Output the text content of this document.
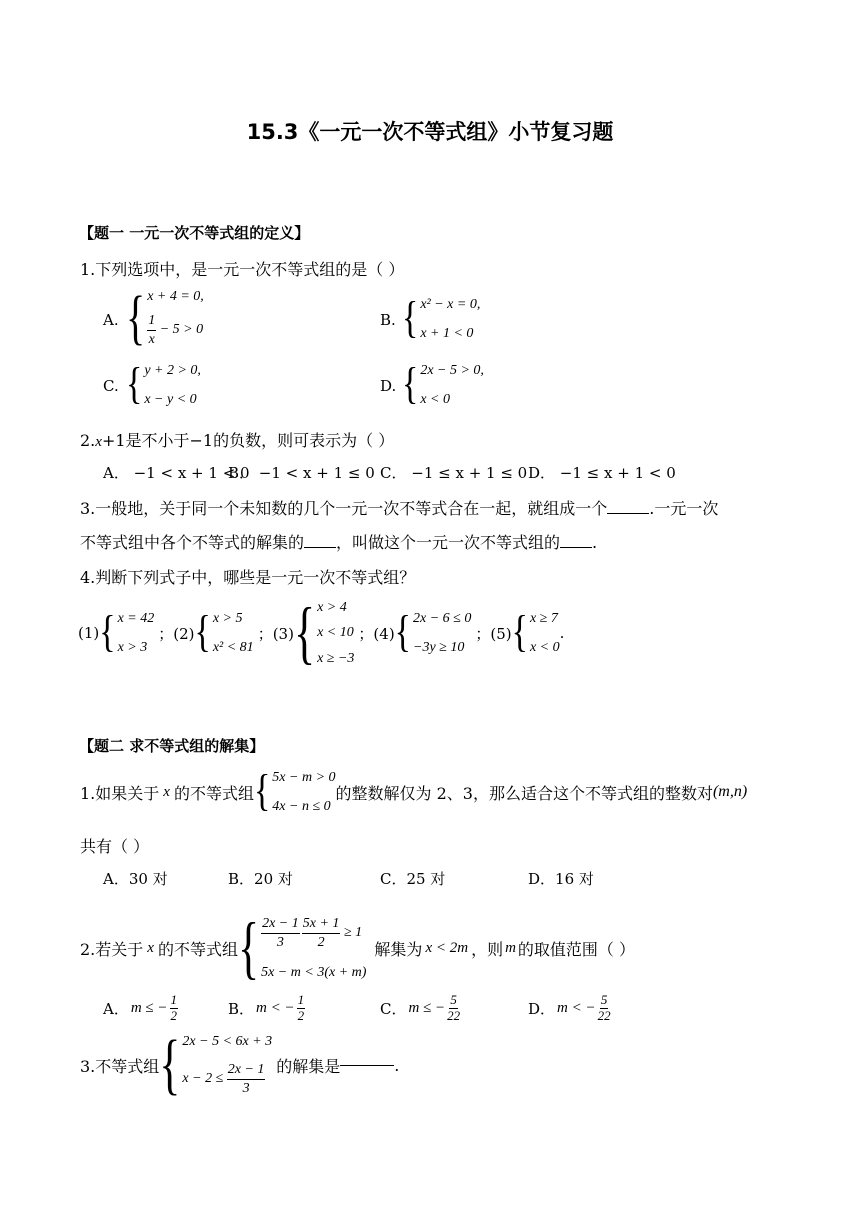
15.3《一元一次不等式组》小节复习题
【题一 一元一次不等式组的定义】
1.下列选项中，是一元一次不等式组的是（ ）
A. { x + 4 = 0,
$\frac{1}{x} - 5 > 0$
B. { x² − x = 0,
x + 1 < 0
C. { y + 2 > 0,
x − y < 0
D. { 2x − 5 > 0,
x < 0
2.x+1是不小于−1的负数，则可表示为（ ）
A． −1 < x + 1 < 0
B． −1 < x + 1 ≤ 0 C． −1 ≤ x + 1 ≤ 0 D． −1 ≤ x + 1 < 0
3.一般地，关于同一个未知数的几个一元一次不等式合在一起，就组成一个	.一元一次
不等式组中各个不等式的解集的 ，叫做这个一元一次不等式组的 .
4.判断下列式子中，哪些是一元一次不等式组？
(1) { x = 42
x > 3
；(2) { x > 5
x² < 81
；(3) { x > 4
x < 10
x ≥ −3
；(4) { 2x − 6 ≤ 0
−3y ≥ 10
；(5) { x ≥ 7
x < 0
.
【题二 求不等式组的解集】
1.如果关于 x 的不等式组 { 5x − m > 0
4x − n ≤ 0
的整数解仅为 2、3，那么适合这个不等式组的整数对 (m,n)
共有（ ）
A．30 对	B．20 对	C．25 对	D．16 对
2.若关于 x 的不等式组 { $\frac{2x - 1}{3} \frac{5x + 1}{2} \ge 1$
5x − m < 3(x + m)
解集为 x < 2m ，则 m 的取值范围（ ）
A． m ≤ − $\frac{1}{2}$	B． m < − $\frac{1}{2}$	C． m ≤ − $\frac{5}{22}$	D． m < − $\frac{5}{22}$
3.不等式组 { 2x − 5 < 6x + 3
$x - 2 \le \frac{2x - 1}{3}$ 的解集是	.
